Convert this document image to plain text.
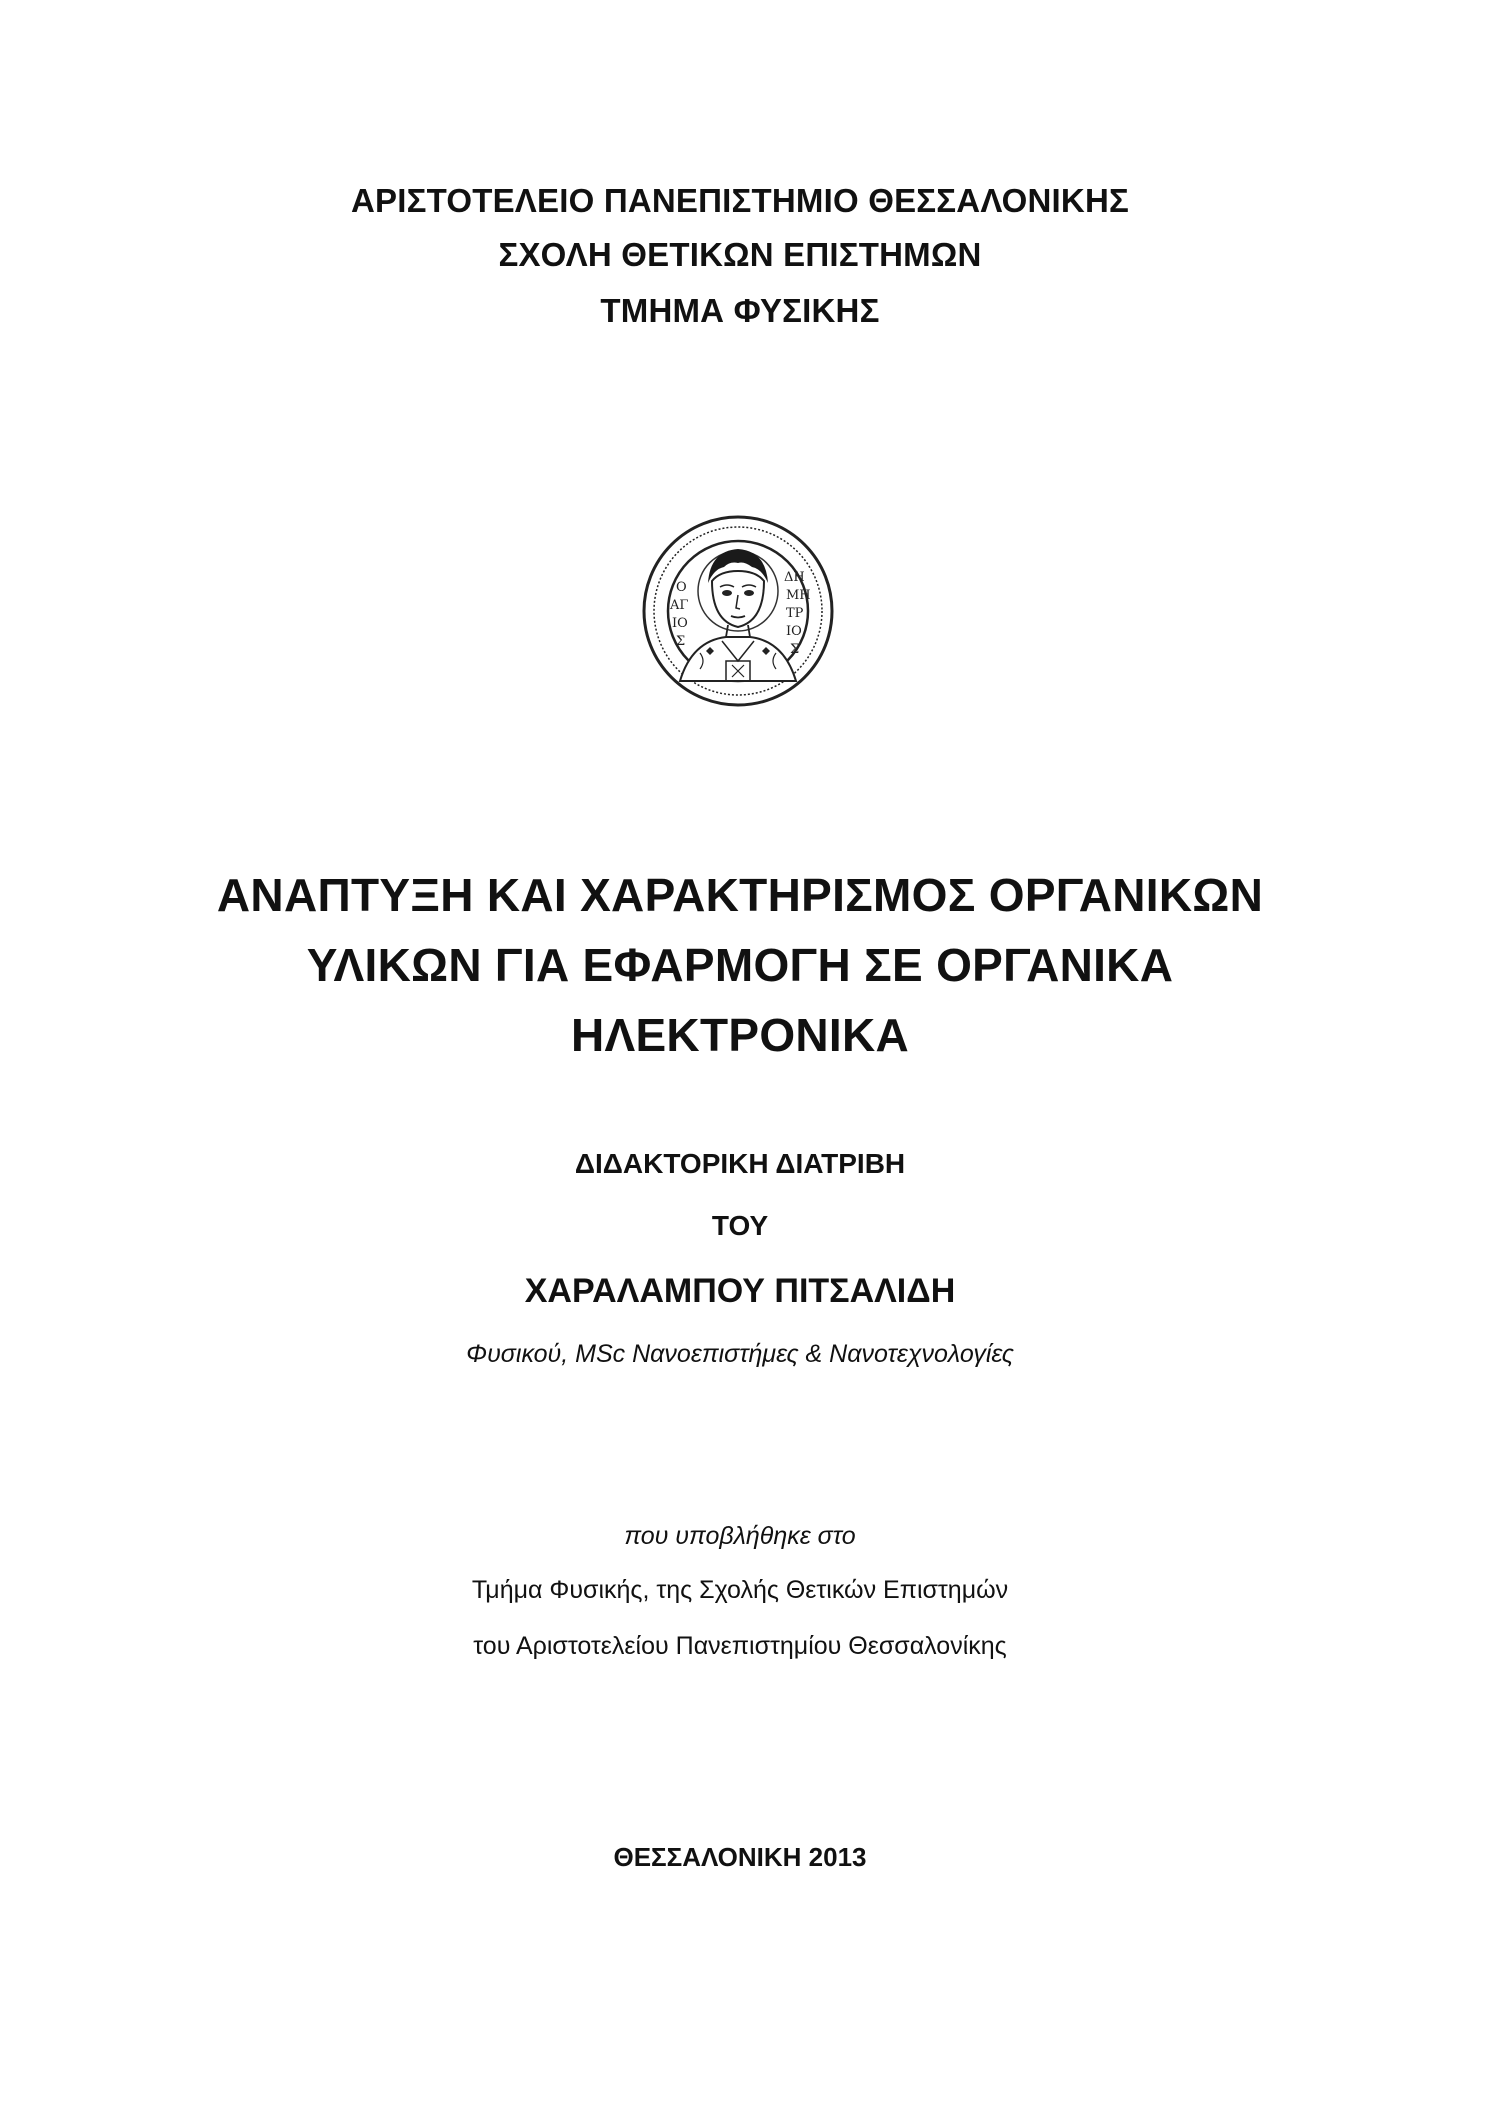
ΑΡΙΣΤΟΤΕΛΕΙΟ ΠΑΝΕΠΙΣΤΗΜΙΟ ΘΕΣΣΑΛΟΝΙΚΗΣ
ΣΧΟΛΗ ΘΕΤΙΚΩΝ ΕΠΙΣΤΗΜΩΝ
ΤΜΗΜΑ ΦΥΣΙΚΗΣ
Ο
ΑΓ
ΙΟ
Σ
ΔΗ
ΜΗ
ΤΡ
ΙΟ
Σ
ΑΝΑΠΤΥΞΗ ΚΑΙ ΧΑΡΑΚΤΗΡΙΣΜΟΣ ΟΡΓΑΝΙΚΩΝ
ΥΛΙΚΩΝ ΓΙΑ ΕΦΑΡΜΟΓΗ ΣΕ ΟΡΓΑΝΙΚΑ
ΗΛΕΚΤΡΟΝΙΚΑ
ΔΙΔΑΚΤΟΡΙΚΗ ΔΙΑΤΡΙΒΗ
ΤΟΥ
ΧΑΡΑΛΑΜΠΟΥ ΠΙΤΣΑΛΙΔΗ
Φυσικού, MSc Νανοεπιστήμες & Νανοτεχνολογίες
που υποβλήθηκε στο
Τμήμα Φυσικής, της Σχολής Θετικών Επιστημών
του Αριστοτελείου Πανεπιστημίου Θεσσαλονίκης
ΘΕΣΣΑΛΟΝΙΚΗ 2013
